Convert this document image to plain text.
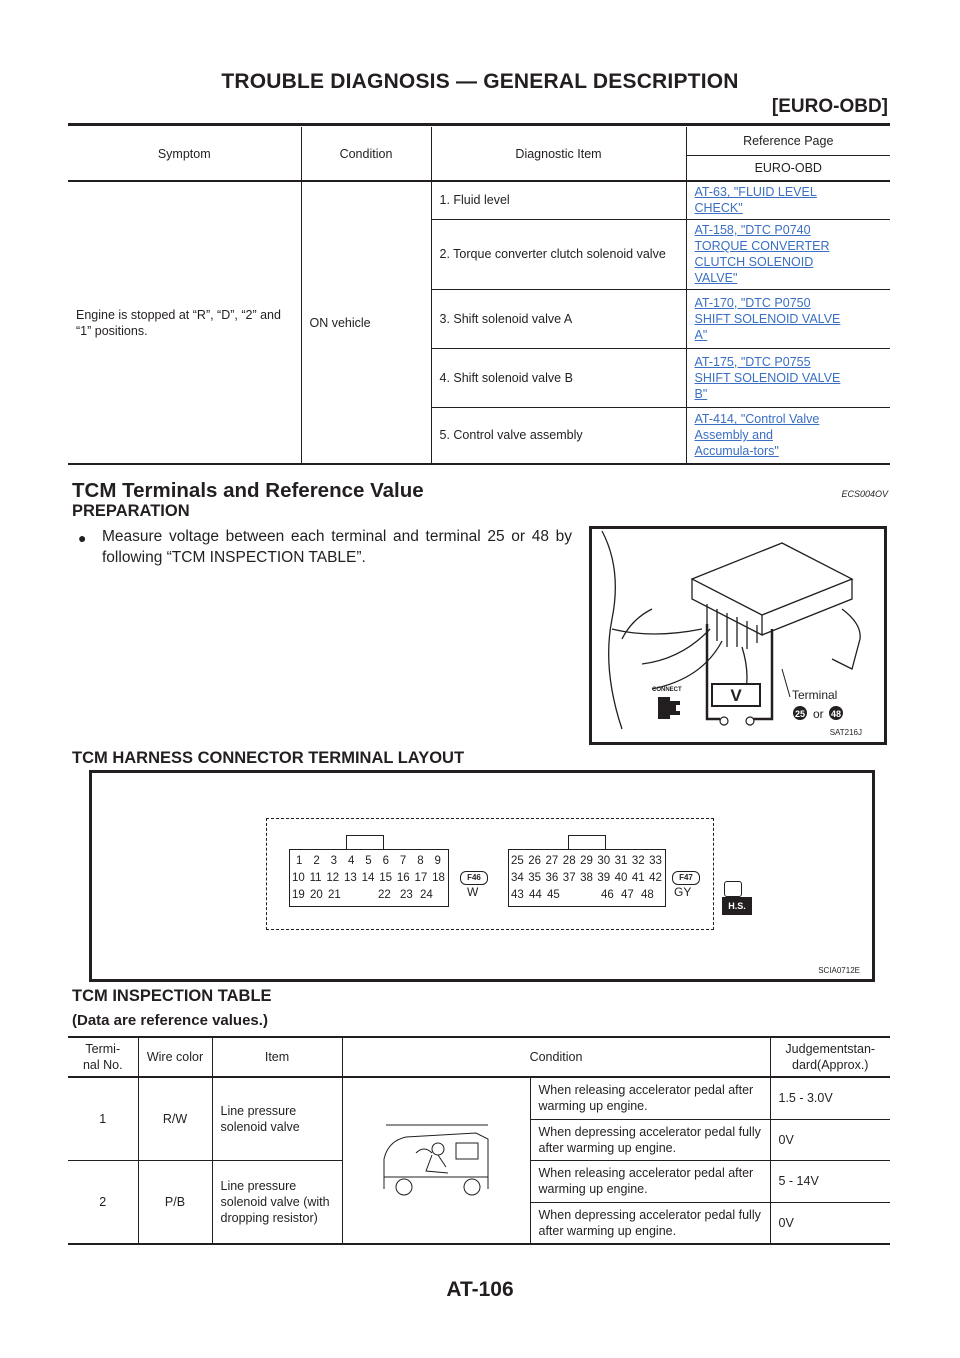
TROUBLE DIAGNOSIS — GENERAL DESCRIPTION
[EURO-OBD]
Symptom	Condition	Diagnostic Item	Reference Page
			EURO-OBD
Engine is stopped at “R”, “D”, “2” and “1” positions.	ON vehicle	1. Fluid level	AT-63, "FLUID LEVEL CHECK"

		2. Torque converter clutch solenoid valve	AT-158, "DTC P0740 TORQUE CONVERTER CLUTCH SOLENOID VALVE"

		3. Shift solenoid valve A	AT-170, "DTC P0750 SHIFT SOLENOID VALVE A"

		4. Shift solenoid valve B	AT-175, "DTC P0755 SHIFT SOLENOID VALVE B"

		5. Control valve assembly	AT-414, "Control Valve Assembly and Accumula-tors"
TCM Terminals and Reference Value	ECS004OV
PREPARATION
●	Measure voltage between each terminal and terminal 25 or 48 by following “TCM INSPECTION TABLE”.
V	Terminal
25 or 48
CONNECT
SAT216J
TCM HARNESS CONNECTOR TERMINAL LAYOUT
1 2 3 4 5 6 7 8 9
10 11 12 13 14 15 16 17 18
19 20 21	22 23 24
F46
W
25 26 27 28 29 30 31 32 33
34 35 36 37 38 39 40 41 42
43 44 45	46 47 48
F47
GY
H.S.
SCIA0712E
TCM INSPECTION TABLE
(Data are reference values.)
Termi-nal No.	Wire color	Item	Condition		Judgementstan-dard(Approx.)
1	R/W	Line pressure solenoid valve		When releasing accelerator pedal after warming up engine.	1.5 - 3.0V
				When depressing accelerator pedal fully after warming up engine.	0V
2	P/B	Line pressure solenoid valve (with dropping resistor)		When releasing accelerator pedal after warming up engine.	5 - 14V
				When depressing accelerator pedal fully after warming up engine.	0V
AT-106
